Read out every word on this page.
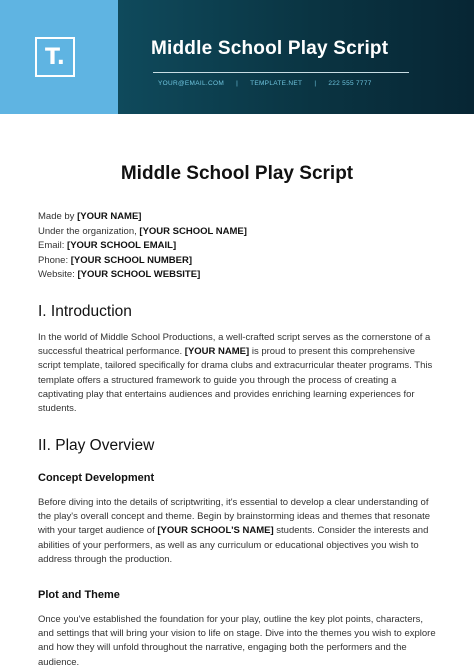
T.	Middle School Play Script
YOUR@EMAIL.COM | TEMPLATE.NET | 222 555 7777
Middle School Play Script
Made by [YOUR NAME]
Under the organization, [YOUR SCHOOL NAME]
Email: [YOUR SCHOOL EMAIL]
Phone: [YOUR SCHOOL NUMBER]
Website: [YOUR SCHOOL WEBSITE]
I. Introduction

In the world of Middle School Productions, a well-crafted script serves as the cornerstone of a successful theatrical performance. [YOUR NAME] is proud to present this comprehensive script template, tailored specifically for drama clubs and extracurricular theater programs. This template offers a structured framework to guide you through the process of creating a captivating play that entertains audiences and provides enriching learning experiences for students.

II. Play Overview
Concept Development

Before diving into the details of scriptwriting, it's essential to develop a clear understanding of the play's overall concept and theme. Begin by brainstorming ideas and themes that resonate with your target audience of [YOUR SCHOOL'S NAME] students. Consider the interests and abilities of your performers, as well as any curriculum or educational objectives you wish to address through the production.

Plot and Theme

Once you've established the foundation for your play, outline the key plot points, characters, and settings that will bring your vision to life on stage. Dive into the themes you wish to explore and how they will unfold throughout the narrative, engaging both the performers and the audience.
